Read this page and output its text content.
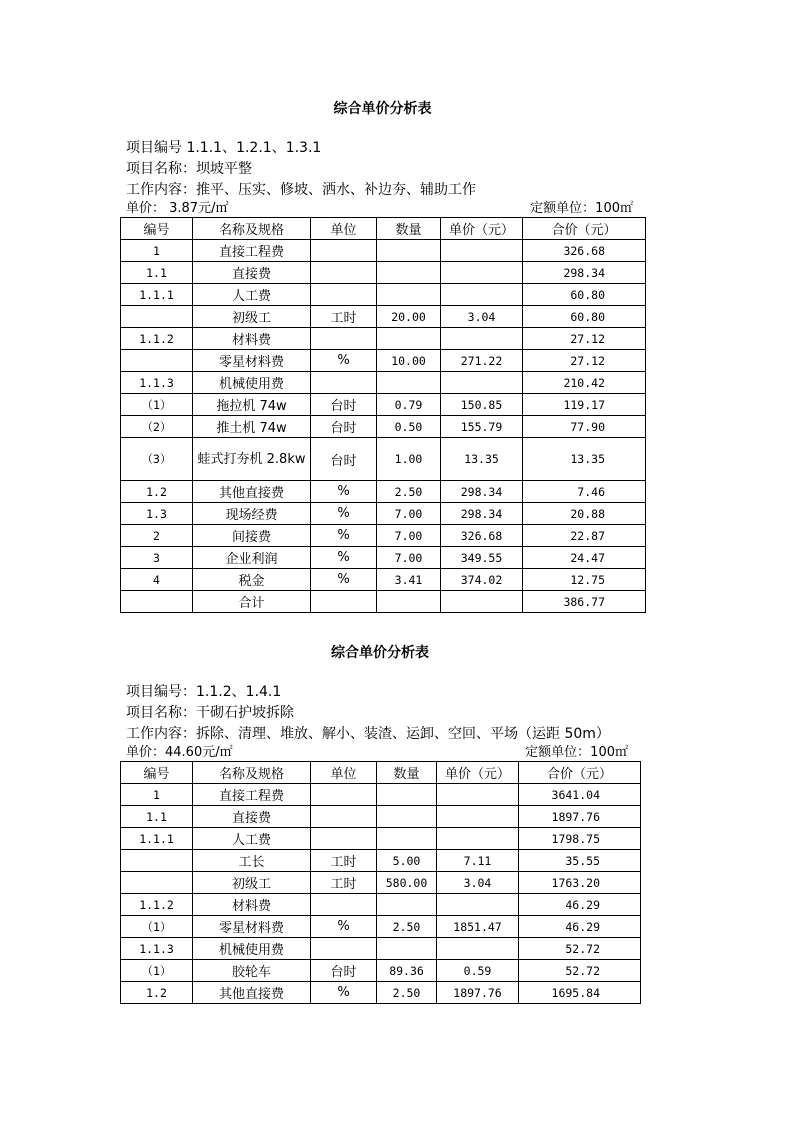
综合单价分析表
项目编号 1.1.1、1.2.1、1.3.1
项目名称：坝坡平整
工作内容：推平、压实、修坡、洒水、补边夯、辅助工作
单价： 3.87元/㎡	定额单位：100㎡
编号	名称及规格	单位	数量	单价（元）	合价（元）
1	直接工程费				326.68
1.1	直接费				298.34
1.1.1	人工费				60.80
	初级工	工时	20.00	3.04	60.80
1.1.2	材料费				27.12
	零星材料费	%	10.00	271.22	27.12
1.1.3	机械使用费				210.42
（1）	拖拉机 74w	台时	0.79	150.85	119.17
（2）	推土机 74w	台时	0.50	155.79	77.90
（3）	蛙式打夯机 2.8kw	台时	1.00	13.35	13.35
1.2	其他直接费	%	2.50	298.34	7.46
1.3	现场经费	%	7.00	298.34	20.88
2	间接费	%	7.00	326.68	22.87
3	企业利润	%	7.00	349.55	24.47
4	税金	%	3.41	374.02	12.75
	合计				386.77
综合单价分析表
项目编号：1.1.2、1.4.1
项目名称：干砌石护坡拆除
工作内容：拆除、清理、堆放、解小、装渣、运卸、空回、平场（运距 50m）
单价：44.60元/㎡	定额单位：100㎡
编号	名称及规格	单位	数量	单价（元）	合价（元）
1	直接工程费				3641.04
1.1	直接费				1897.76
1.1.1	人工费				1798.75
	工长	工时	5.00	7.11	35.55
	初级工	工时	580.00	3.04	1763.20
1.1.2	材料费				46.29
（1）	零星材料费	%	2.50	1851.47	46.29
1.1.3	机械使用费				52.72
（1）	胶轮车	台时	89.36	0.59	52.72
1.2	其他直接费	%	2.50	1897.76	1695.84
